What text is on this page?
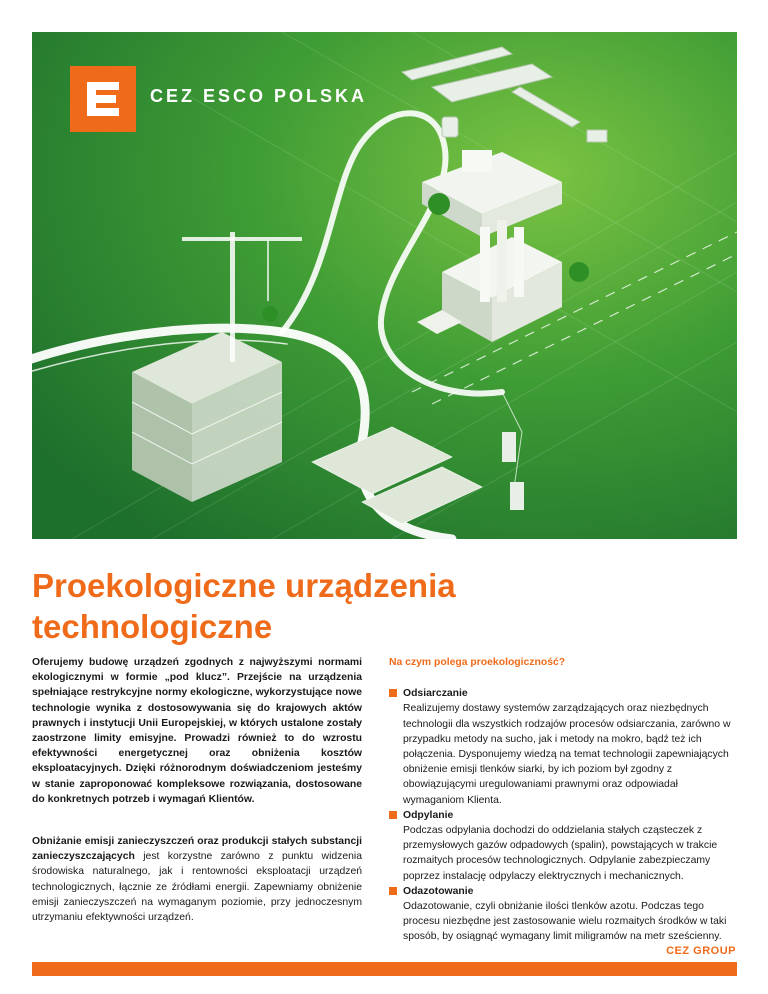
CEZ ESCO POLSKA
Proekologiczne urządzenia
technologiczne

Oferujemy budowę urządzeń zgodnych z najwyższymi normami ekologicznymi w formie „pod klucz”. Przejście na urządzenia spełniające restrykcyjne normy ekologiczne, wykorzystujące nowe technologie wynika z dostosowywania się do krajowych aktów prawnych i instytucji Unii Europejskiej, w których ustalone zostały zaostrzone limity emisyjne. Prowadzi również to do wzrostu efektywności energetycznej oraz obniżenia kosztów eksploatacyjnych. Dzięki różnorodnym doświadczeniom jesteśmy w stanie zaproponować kompleksowe rozwiązania, dostosowane do konkretnych potrzeb i wymagań Klientów.

Obniżanie emisji zanieczyszczeń oraz produkcji stałych substancji zanieczyszczających jest korzystne zarówno z punktu widzenia środowiska naturalnego, jak i rentowności eksploatacji urządzeń technologicznych, łącznie ze źródłami energii. Zapewniamy obniżenie emisji zanieczyszczeń na wymaganym poziomie, przy jednoczesnym utrzymaniu efektywności urządzeń.

Na czym polega proekologiczność?

Odsiarczanie
Realizujemy dostawy systemów zarządzających oraz niezbędnych technologii dla wszystkich rodzajów procesów odsiarczania, zarówno w przypadku metody na sucho, jak i metody na mokro, bądź też ich połączenia. Dysponujemy wiedzą na temat technologii zapewniających obniżenie emisji tlenków siarki, by ich poziom był zgodny z obowiązującymi uregulowaniami prawnymi oraz odpowiadał wymaganiom Klienta.
Odpylanie
Podczas odpylania dochodzi do oddzielania stałych cząsteczek z przemysłowych gazów odpadowych (spalin), powstających w trakcie rozmaitych procesów technologicznych. Odpylanie zabezpieczamy poprzez instalację odpylaczy elektrycznych i mechanicznych.
Odazotowanie
Odazotowanie, czyli obniżanie ilości tlenków azotu. Podczas tego procesu niezbędne jest zastosowanie wielu rozmaitych środków w taki sposób, by osiągnąć wymagany limit miligramów na metr sześcienny.
CEZ GROUP
